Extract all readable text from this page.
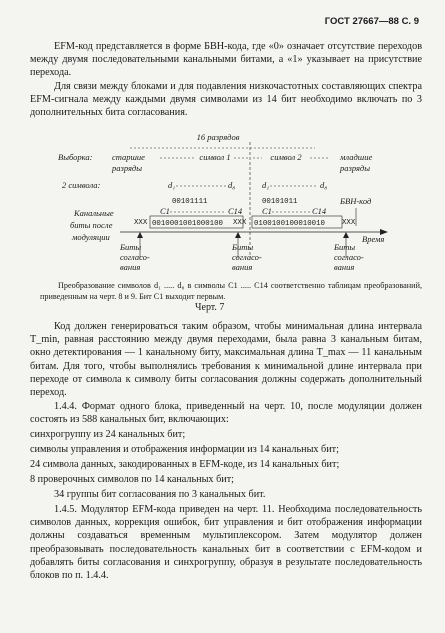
ГОСТ 27667—88 С. 9

EFM-код представляется в форме БВН-кода, где «0» означает отсутствие переходов между двумя последовательными канальными битами, а «1» указывает на присутствие перехода.

Для связи между блоками и для подавления низкочастотных составляющих спектра EFM-сигнала между каждыми двумя символами из 14 бит необходимо включать по 3 дополнительных бита согласования.

16 разрядов
Выборка: старшие
разряды
символ 1	символ 2	младшие
разряды
2 символа:	d₁	d₈	d₁	d₈
00101111	00101011	БВН-код
Канальные
биты после
модуляции
C1	C14 C1	C14
XXX 0010001001000100 XXX 0100100100010010 XXX
Время
Биты
согласо-
вания
Биты
согласо-
вания
Биты
согласо-
вания

Преобразование символов d₁ ..... d₈ в символы C1 ..... C14 соответственно таблицам преобразований, приведенным на черт. 8 и 9. Бит C1 выходит первым.

Черт. 7

Код должен генерироваться таким образом, чтобы минимальная длина интервала T_min, равная расстоянию между двумя переходами, была равна 3 канальным битам, окно детектирования — 1 канальному биту, максимальная длина T_max — 11 канальным битам. Для того, чтобы выполнялись требования к минимальной длине интервала при переходе от символа к символу биты согласования должны содержать дополнительный переход.

1.4.4. Формат одного блока, приведенный на черт. 10, после модуляции должен состоять из 588 канальных бит, включающих:

синхрогруппу из 24 канальных бит;
символы управления и отображения информации из 14 канальных бит;
24 символа данных, закодированных в EFM-коде, из 14 канальных бит;
8 проверочных символов по 14 канальных бит;
34 группы бит согласования по 3 канальных бит.

1.4.5. Модулятор EFM-кода приведен на черт. 11. Необходима последовательность символов данных, коррекция ошибок, бит управления и бит отображения информации должны создаваться временным мультиплексором. Затем модулятор должен преобразовывать последовательность канальных бит в соответствии с EFM-кодом и добавлять биты согласования и синхрогруппу, образуя в результате последовательность блоков по п. 1.4.4.
